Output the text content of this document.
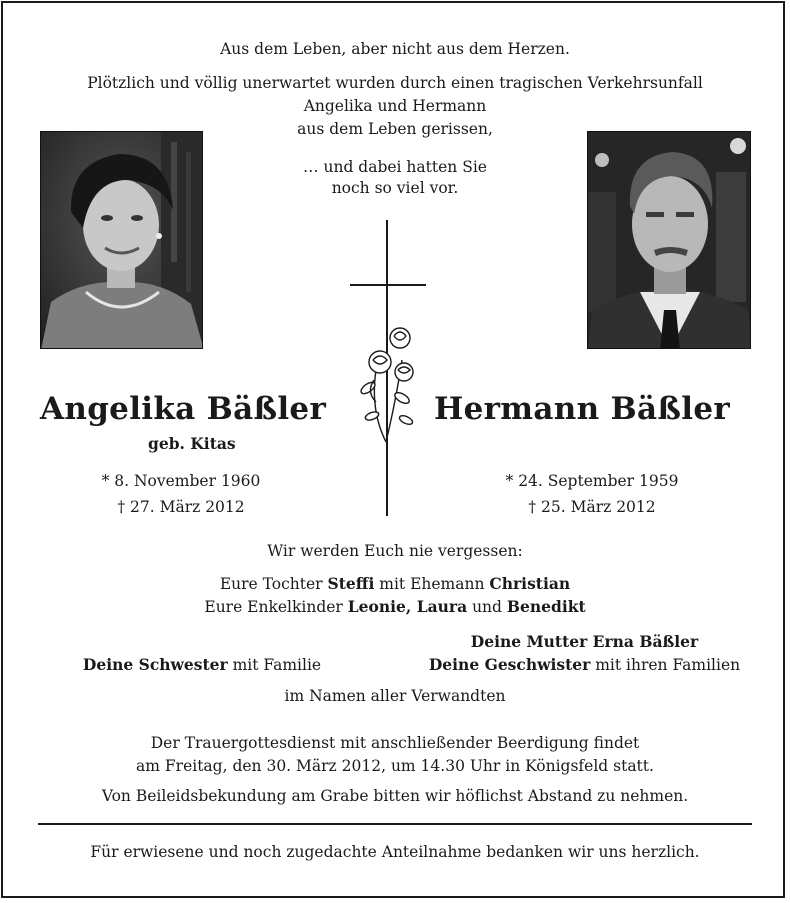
Aus dem Leben, aber nicht aus dem Herzen.
Plötzlich und völlig unerwartet wurden durch einen tragischen Verkehrsunfall
Angelika und Hermann
aus dem Leben gerissen,
… und dabei hatten Sie
noch so viel vor.
Angelika Bäßler	Hermann Bäßler
geb. Kitas
* 8. November 1960
† 27. März 2012
* 24. September 1959
† 25. März 2012
Wir werden Euch nie vergessen:
Eure Tochter Steffi mit Ehemann Christian
Eure Enkelkinder Leonie, Laura und Benedikt
Deine Mutter Erna Bäßler
Deine Schwester mit Familie	Deine Geschwister mit ihren Familien
im Namen aller Verwandten
Der Trauergottesdienst mit anschließender Beerdigung findet
am Freitag, den 30. März 2012, um 14.30 Uhr in Königsfeld statt.
Von Beileidsbekundung am Grabe bitten wir höflichst Abstand zu nehmen.
Für erwiesene und noch zugedachte Anteilnahme bedanken wir uns herzlich.
